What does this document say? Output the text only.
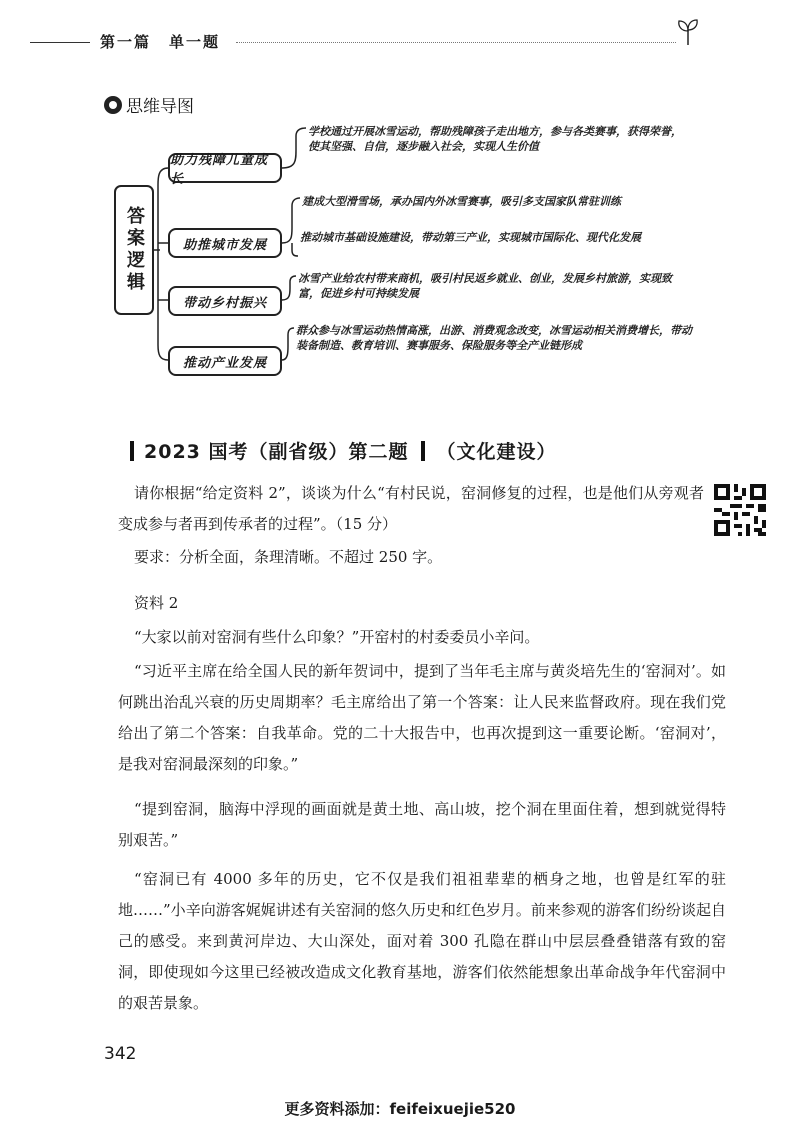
第一篇 单一题
思维导图
答案逻辑
助力残障儿童成长
助推城市发展
带动乡村振兴
推动产业发展
学校通过开展冰雪运动，帮助残障孩子走出地方，参与各类赛事，获得荣誉，使其坚强、自信，逐步融入社会，实现人生价值
建成大型滑雪场，承办国内外冰雪赛事，吸引多支国家队常驻训练
推动城市基础设施建设，带动第三产业，实现城市国际化、现代化发展
冰雪产业给农村带来商机，吸引村民返乡就业、创业，发展乡村旅游，实现致富，促进乡村可持续发展
群众参与冰雪运动热情高涨，出游、消费观念改变，冰雪运动相关消费增长，带动装备制造、教育培训、赛事服务、保险服务等全产业链形成
2023 国考（副省级）第二题 （文化建设）
请你根据“给定资料 2”，谈谈为什么“有村民说，窑洞修复的过程，也是他们从旁观者变成参与者再到传承者的过程”。（15 分）
要求：分析全面，条理清晰。不超过 250 字。
资料 2
“大家以前对窑洞有些什么印象？”开窑村的村委委员小辛问。
“习近平主席在给全国人民的新年贺词中，提到了当年毛主席与黄炎培先生的‘窑洞对’。如何跳出治乱兴衰的历史周期率？毛主席给出了第一个答案：让人民来监督政府。现在我们党给出了第二个答案：自我革命。党的二十大报告中，也再次提到这一重要论断。‘窑洞对’，是我对窑洞最深刻的印象。”
“提到窑洞，脑海中浮现的画面就是黄土地、高山坡，挖个洞在里面住着，想到就觉得特别艰苦。”
“窑洞已有 4000 多年的历史，它不仅是我们祖祖辈辈的栖身之地，也曾是红军的驻地……”小辛向游客娓娓讲述有关窑洞的悠久历史和红色岁月。前来参观的游客们纷纷谈起自己的感受。来到黄河岸边、大山深处，面对着 300 孔隐在群山中层层叠叠错落有致的窑洞，即使现如今这里已经被改造成文化教育基地，游客们依然能想象出革命战争年代窑洞中的艰苦景象。
342
更多资料添加：feifeixuejie520
